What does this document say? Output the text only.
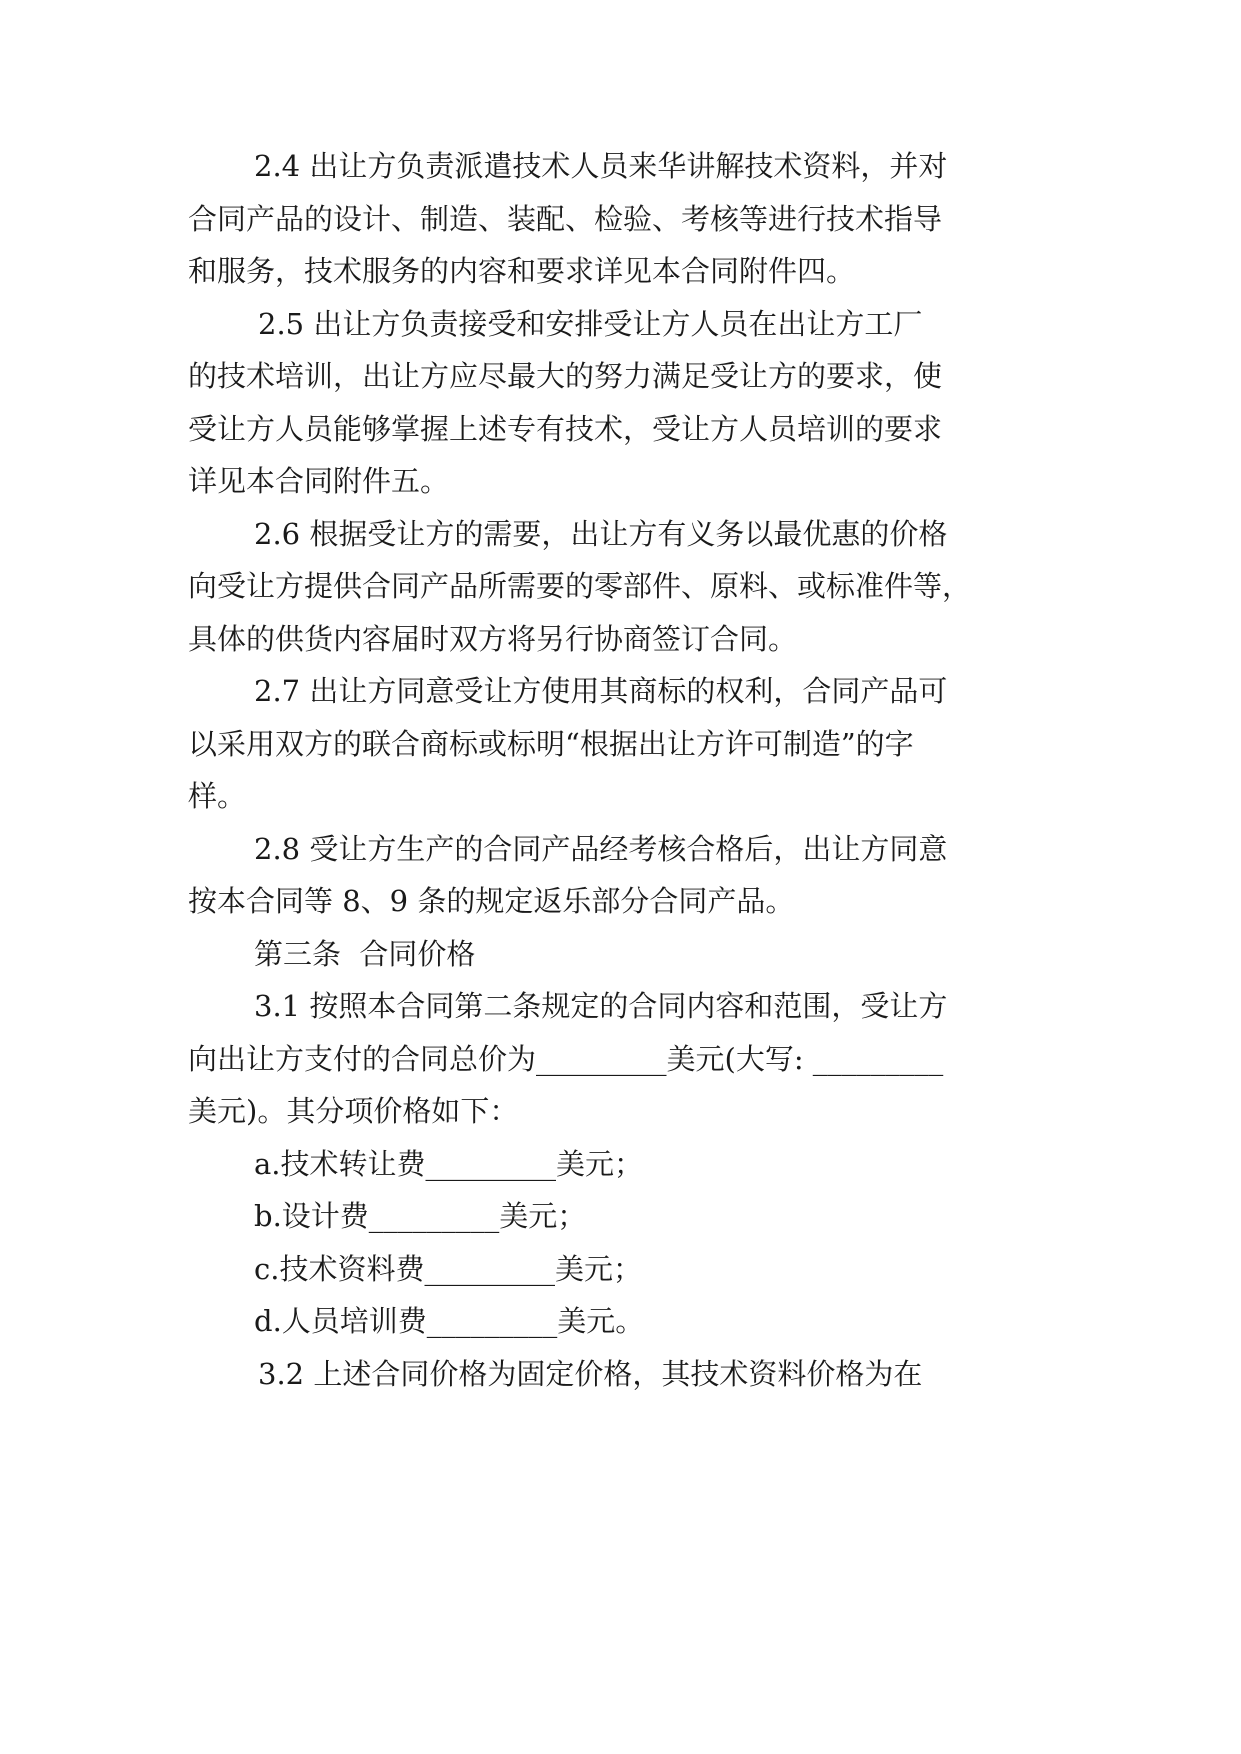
2.4 出让方负责派遣技术人员来华讲解技术资料，并对

合同产品的设计、制造、装配、检验、考核等进行技术指导

和服务，技术服务的内容和要求详见本合同附件四。

2.5 出让方负责接受和安排受让方人员在出让方工厂

的技术培训，出让方应尽最大的努力满足受让方的要求，使

受让方人员能够掌握上述专有技术，受让方人员培训的要求

详见本合同附件五。

2.6 根据受让方的需要，出让方有义务以最优惠的价格

向受让方提供合同产品所需要的零部件、原料、或标准件等，

具体的供货内容届时双方将另行协商签订合同。

2.7 出让方同意受让方使用其商标的权利，合同产品可

以采用双方的联合商标或标明“根据出让方许可制造”的字

样。

2.8 受让方生产的合同产品经考核合格后，出让方同意

按本合同等 8、9 条的规定返乐部分合同产品。

第三条  合同价格

3.1 按照本合同第二条规定的合同内容和范围，受让方

向出让方支付的合同总价为_________美元(大写: _________

美元)。其分项价格如下：

a.技术转让费_________美元；

b.设计费_________美元；

c.技术资料费_________美元；

d.人员培训费_________美元。

3.2 上述合同价格为固定价格，其技术资料价格为在
